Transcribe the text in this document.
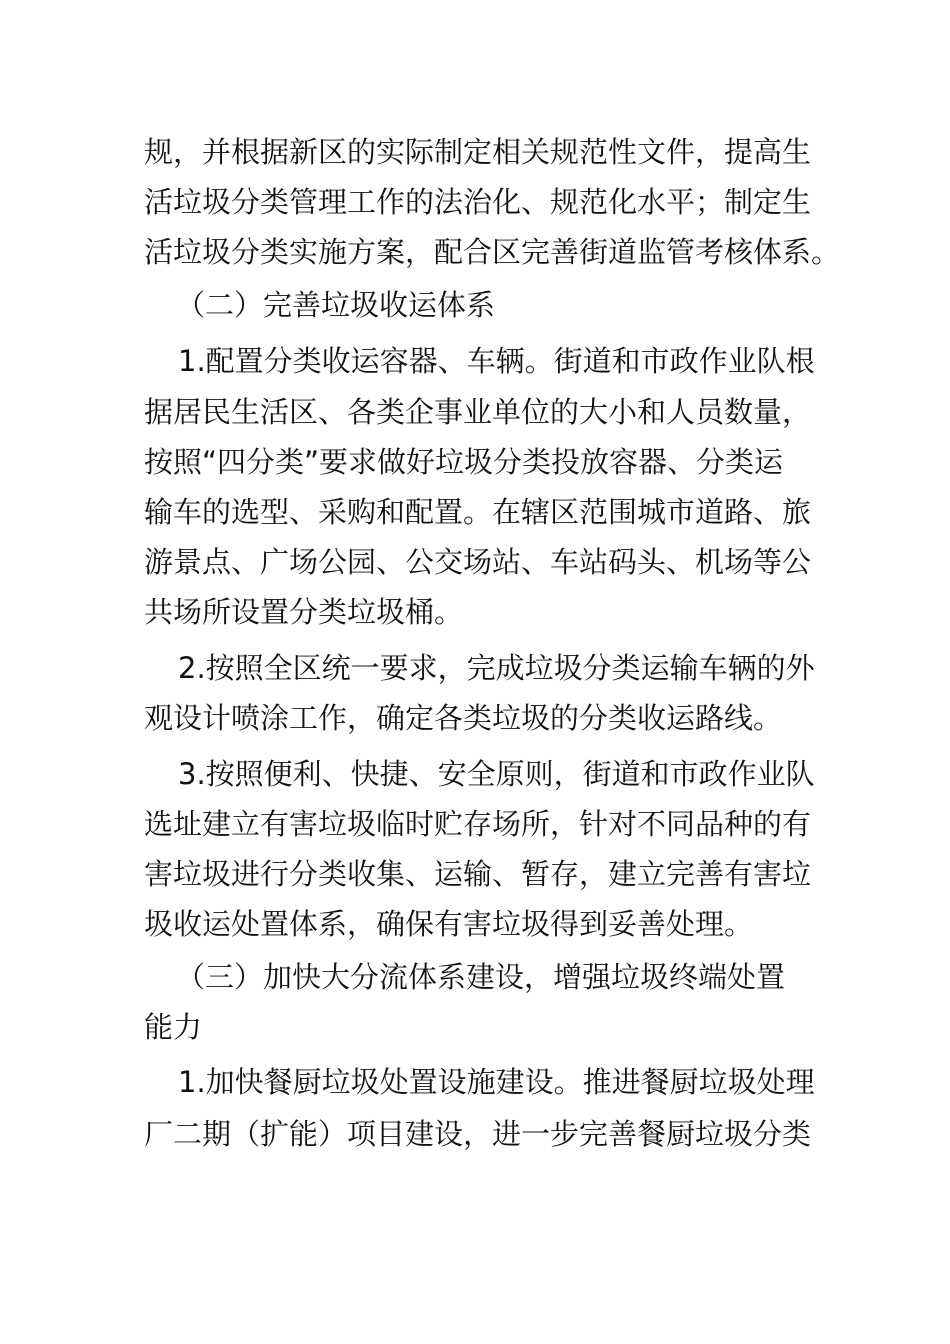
规，并根据新区的实际制定相关规范性文件，提高生
活垃圾分类管理工作的法治化、规范化水平；制定生
活垃圾分类实施方案，配合区完善街道监管考核体系。
（二）完善垃圾收运体系
1.配置分类收运容器、车辆。街道和市政作业队根
据居民生活区、各类企事业单位的大小和人员数量，
按照“四分类”要求做好垃圾分类投放容器、分类运
输车的选型、采购和配置。在辖区范围城市道路、旅
游景点、广场公园、公交场站、车站码头、机场等公
共场所设置分类垃圾桶。
2.按照全区统一要求，完成垃圾分类运输车辆的外
观设计喷涂工作，确定各类垃圾的分类收运路线。
3.按照便利、快捷、安全原则，街道和市政作业队
选址建立有害垃圾临时贮存场所，针对不同品种的有
害垃圾进行分类收集、运输、暂存，建立完善有害垃
圾收运处置体系，确保有害垃圾得到妥善处理。
（三）加快大分流体系建设，增强垃圾终端处置
能力
1.加快餐厨垃圾处置设施建设。推进餐厨垃圾处理
厂二期（扩能）项目建设，进一步完善餐厨垃圾分类
